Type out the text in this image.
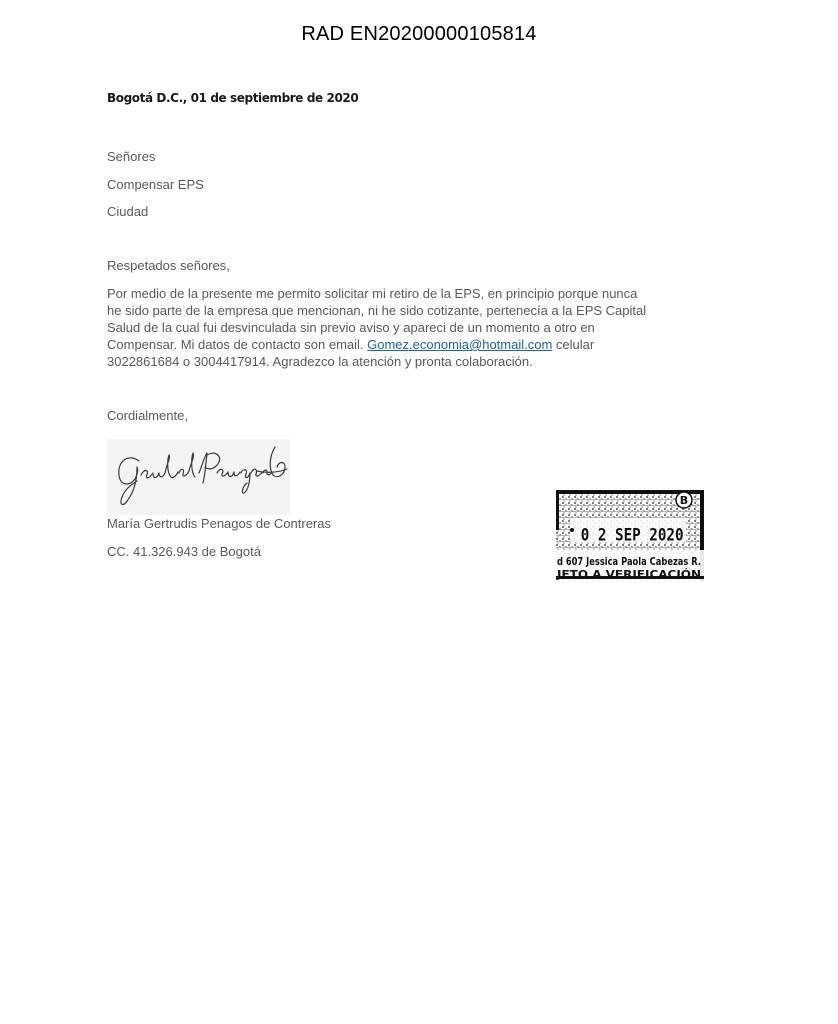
RAD EN20200000105814
Bogotá D.C., 01 de septiembre de 2020
Señores
Compensar EPS
Ciudad
Respetados señores,

Por medio de la presente me permito solicitar mi retiro de la EPS, en principio porque nunca

he sido parte de la empresa que mencionan, ni he sido cotizante, pertenecía a la EPS Capital

Salud de la cual fui desvinculada sin previo aviso y apareci de un momento a otro en

Compensar. Mi datos de contacto son email. Gomez.economia@hotmail.com celular

3022861684 o 3004417914. Agradezco la atención y pronta colaboración.

Cordialmente,
María Gertrudis Penagos de Contreras
CC. 41.326.943 de Bogotá
B
0 2 SEP 2020
d 607 Jessica Paola Cabezas R.
JETO A VERIFICACIÓN
